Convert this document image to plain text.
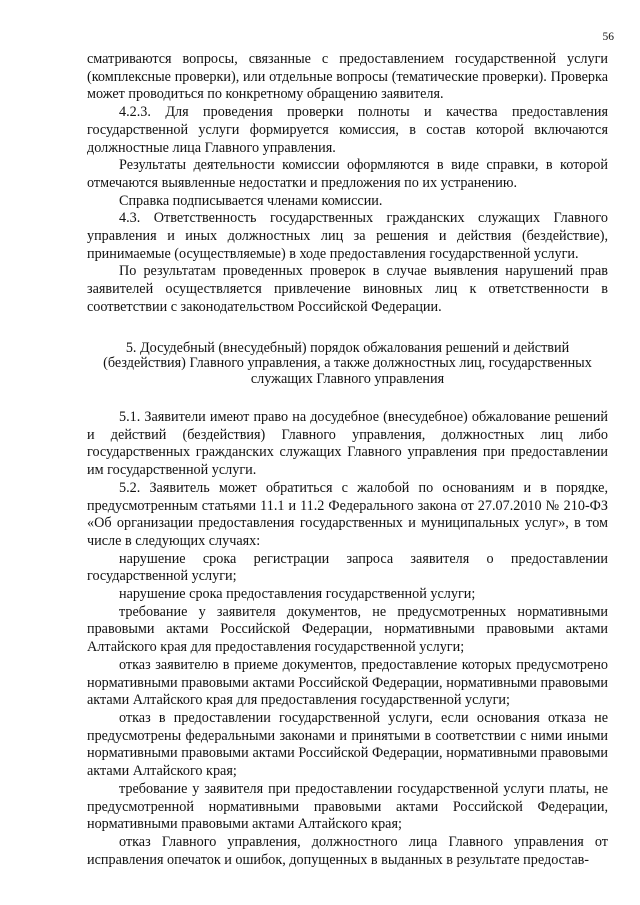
56

сматриваются вопросы, связанные с предоставлением государственной услуги (комплексные проверки), или отдельные вопросы (тематические проверки). Проверка может проводиться по конкретному обращению заявителя.

4.2.3. Для проведения проверки полноты и качества предоставления государственной услуги формируется комиссия, в состав которой включаются должностные лица Главного управления.

Результаты деятельности комиссии оформляются в виде справки, в которой отмечаются выявленные недостатки и предложения по их устранению.

Справка подписывается членами комиссии.

4.3. Ответственность государственных гражданских служащих Главного управления и иных должностных лиц за решения и действия (бездействие), принимаемые (осуществляемые) в ходе предоставления государственной услуги.

По результатам проведенных проверок в случае выявления нарушений прав заявителей осуществляется привлечение виновных лиц к ответственности в соответствии с законодательством Российской Федерации.

5. Досудебный (внесудебный) порядок обжалования решений и действий (бездействия) Главного управления, а также должностных лиц, государственных служащих Главного управления

5.1. Заявители имеют право на досудебное (внесудебное) обжалование решений и действий (бездействия) Главного управления, должностных лиц либо государственных гражданских служащих Главного управления при предоставлении им государственной услуги.

5.2. Заявитель может обратиться с жалобой по основаниям и в порядке, предусмотренным статьями 11.1 и 11.2 Федерального закона от 27.07.2010 № 210-ФЗ «Об организации предоставления государственных и муниципальных услуг», в том числе в следующих случаях:

нарушение срока регистрации запроса заявителя о предоставлении государственной услуги;

нарушение срока предоставления государственной услуги;

требование у заявителя документов, не предусмотренных нормативными правовыми актами Российской Федерации, нормативными правовыми актами Алтайского края для предоставления государственной услуги;

отказ заявителю в приеме документов, предоставление которых предусмотрено нормативными правовыми актами Российской Федерации, нормативными правовыми актами Алтайского края для предоставления государственной услуги;

отказ в предоставлении государственной услуги, если основания отказа не предусмотрены федеральными законами и принятыми в соответствии с ними иными нормативными правовыми актами Российской Федерации, нормативными правовыми актами Алтайского края;

требование у заявителя при предоставлении государственной услуги платы, не предусмотренной нормативными правовыми актами Российской Федерации, нормативными правовыми актами Алтайского края;

отказ Главного управления, должностного лица Главного управления от исправления опечаток и ошибок, допущенных в выданных в результате предостав-
